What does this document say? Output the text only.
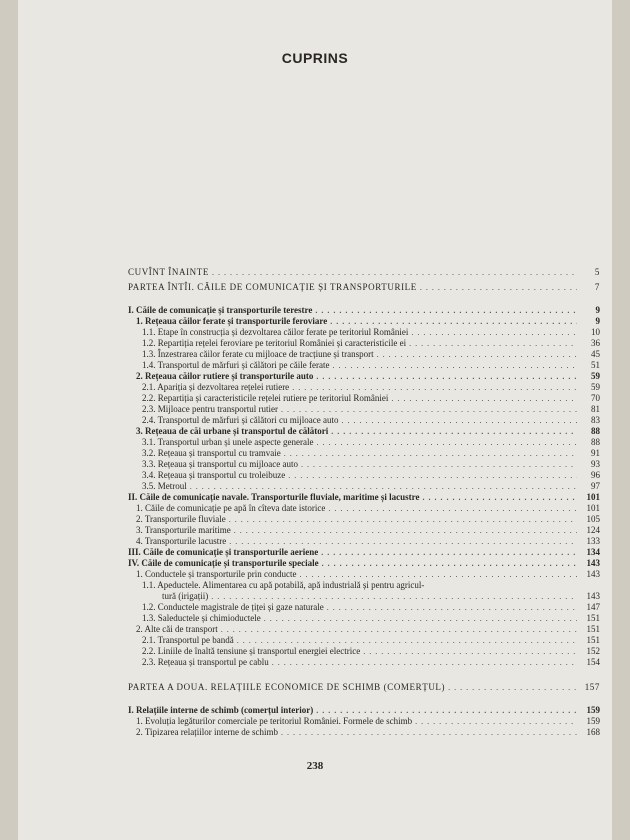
CUPRINS
CUVÎNT ÎNAINTE . . .	5
PARTEA ÎNTÎI. CĂILE DE COMUNICAȚIE ȘI TRANSPORTURILE . . .	7
I. Căile de comunicație și transporturile terestre . . .	9
1. Rețeaua căilor ferate și transporturile feroviare . . .	9
1.1. Etape în construcția și dezvoltarea căilor ferate pe teritoriul României . . .	10
1.2. Repartiția rețelei feroviare pe teritoriul României și caracteristicile ei . . .	36
1.3. Înzestrarea căilor ferate cu mijloace de tracțiune și transport . . .	45
1.4. Transportul de mărfuri și călători pe căile ferate . . .	51
2. Rețeaua căilor rutiere și transporturile auto . . .	59
2.1. Apariția și dezvoltarea rețelei rutiere . . .	59
2.2. Repartiția și caracteristicile rețelei rutiere pe teritoriul României . . .	70
2.3. Mijloace pentru transportul rutier . . .	81
2.4. Transportul de mărfuri și călători cu mijloace auto . . .	83
3. Rețeaua de căi urbane și transportul de călători . . .	88
3.1. Transportul urban și unele aspecte generale . . .	88
3.2. Rețeaua și transportul cu tramvaie . . .	91
3.3. Rețeaua și transportul cu mijloace auto . . .	93
3.4. Rețeaua și transportul cu troleibuze . . .	96
3.5. Metroul . . .	97
II. Căile de comunicație navale. Transporturile fluviale, maritime și lacustre . . .	101
1. Căile de comunicație pe apă în cîteva date istorice . . .	101
2. Transporturile fluviale . . .	105
3. Transporturile maritime . . .	124
4. Transporturile lacustre . . .	133
III. Căile de comunicație și transporturile aeriene . . .	134
IV. Căile de comunicație și transporturile speciale . . .	143
1. Conductele și transporturile prin conducte . . .	143
1.1. Apeductele. Alimentarea cu apă potabilă, apă industrială și pentru agricul-
tură (irigații) . . .	143
1.2. Conductele magistrale de țiței și gaze naturale . . .	147
1.3. Saleductele și chimioductele . . .	151
2. Alte căi de transport . . .	151
2.1. Transportul pe bandă . . .	151
2.2. Liniile de înaltă tensiune și transportul energiei electrice . . .	152
2.3. Rețeaua și transportul pe cablu . . .	154
PARTEA A DOUA. RELAȚIILE ECONOMICE DE SCHIMB (COMERȚUL) . . .	157
I. Relațiile interne de schimb (comerțul interior) . . .	159
1. Evoluția legăturilor comerciale pe teritoriul României. Formele de schimb . . .	159
2. Tipizarea relațiilor interne de schimb . . .	168
238
